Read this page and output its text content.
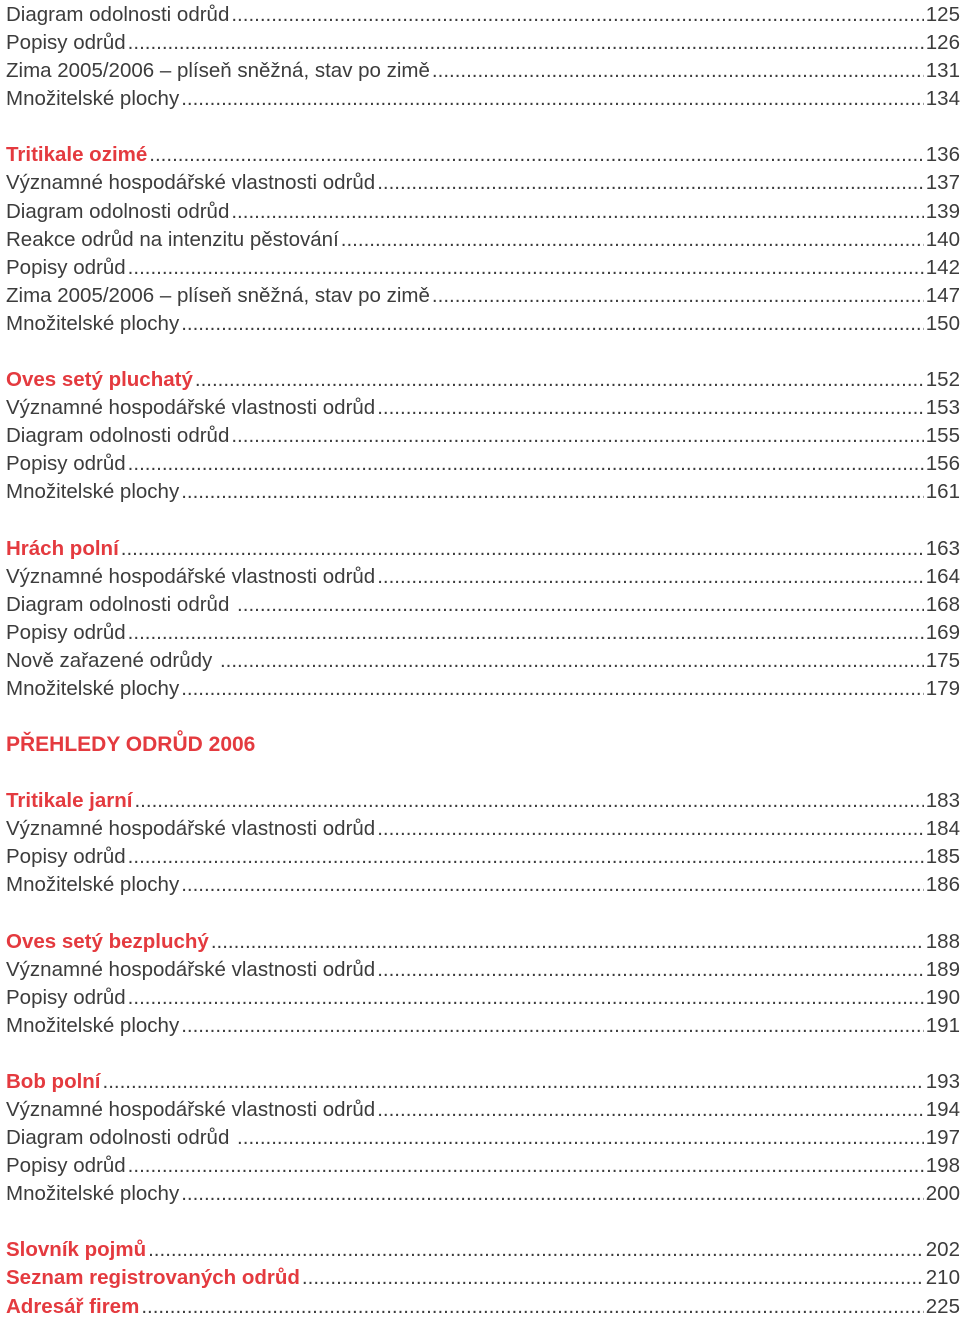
Diagram odolnosti odrůd .....	125
Popisy odrůd .....	126
Zima 2005/2006 – plíseň sněžná, stav po zimě .....	131
Množitelské plochy .....	134
Tritikale ozimé .....	136
Významné hospodářské vlastnosti odrůd .....	137
Diagram odolnosti odrůd .....	139
Reakce odrůd na intenzitu pěstování .....	140
Popisy odrůd .....	142
Zima 2005/2006 – plíseň sněžná, stav po zimě .....	147
Množitelské plochy .....	150
Oves setý pluchatý .....	152
Významné hospodářské vlastnosti odrůd .....	153
Diagram odolnosti odrůd .....	155
Popisy odrůd .....	156
Množitelské plochy .....	161
Hrách polní .....	163
Významné hospodářské vlastnosti odrůd .....	164
Diagram odolnosti odrůd .....	168
Popisy odrůd .....	169
Nově zařazené odrůdy .....	175
Množitelské plochy .....	179
PŘEHLEDY ODRŮD 2006
Tritikale jarní .....	183
Významné hospodářské vlastnosti odrůd .....	184
Popisy odrůd .....	185
Množitelské plochy .....	186
Oves setý bezpluchý .....	188
Významné hospodářské vlastnosti odrůd .....	189
Popisy odrůd .....	190
Množitelské plochy .....	191
Bob polní .....	193
Významné hospodářské vlastnosti odrůd .....	194
Diagram odolnosti odrůd .....	197
Popisy odrůd .....	198
Množitelské plochy .....	200
Slovník pojmů .....	202
Seznam registrovaných odrůd .....	210
Adresář firem .....	225
